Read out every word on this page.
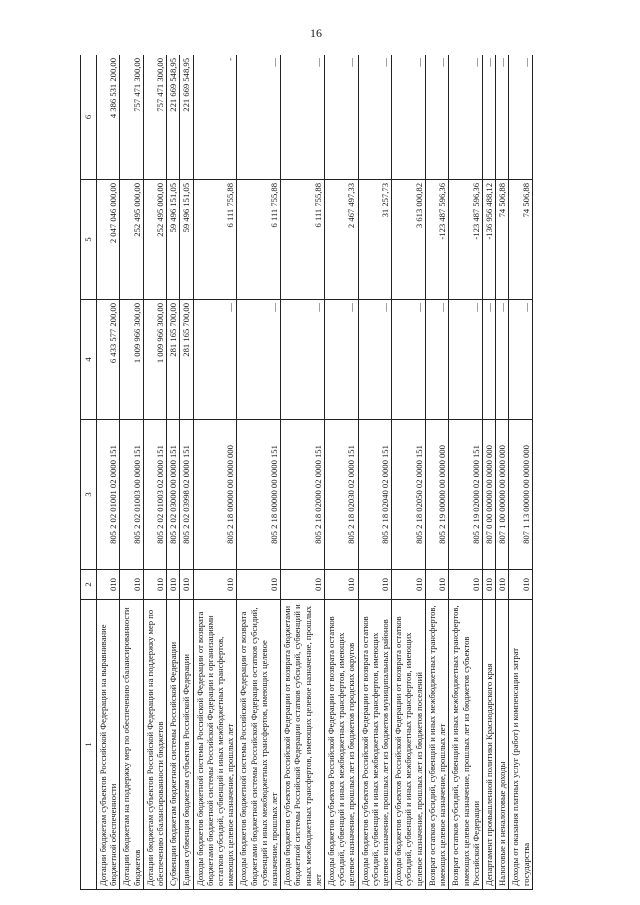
16
1	2	3	4	5	6
Дотации бюджетам субъектов Российской Федерации на выравнивание бюджетной обеспеченности	010	805 2 02 01001 02 0000 151	6 433 577 200,00	2 047 046 000,00	4 386 531 200,00
Дотации бюджетам на поддержку мер по обеспечению сбалансированности бюджетов	010	805 2 02 01003 00 0000 151	1 009 966 300,00	252 495 000,00	757 471 300,00
Дотации бюджетам субъектов Российской Федерации на поддержку мер по обеспечению сбалансированности бюджетов	010	805 2 02 01003 02 0000 151	1 009 966 300,00	252 495 000,00	757 471 300,00
Субвенции бюджетам бюджетной системы Российской Федерации	010	805 2 02 03000 00 0000 151	281 165 700,00	59 496 151,05	221 669 548,95
Единая субвенция бюджетам субъектов Российской Федерации	010	805 2 02 03998 02 0000 151	281 165 700,00	59 496 151,05	221 669 548,95
Доходы бюджетов бюджетной системы Российской Федерации от возврата бюджетами бюджетной системы Российской Федерации и организациями остатков субсидий, субвенций и иных межбюджетных трансфертов, имеющих целевое назначение, прошлых лет	010	805 2 18 00000 00 0000 000	—	6 111 755,88	-
Доходы бюджетов бюджетной системы Российской Федерации от возврата бюджетами бюджетной системы Российской Федерации остатков субсидий, субвенций и иных межбюджетных трансфертов, имеющих целевое назначение, прошлых лет	010	805 2 18 00000 00 0000 151	—	6 111 755,88	—
Доходы бюджетов субъектов Российской Федерации от возврата бюджетами бюджетной системы Российской Федерации остатков субсидий, субвенций и иных межбюджетных трансфертов, имеющих целевое назначение, прошлых лет	010	805 2 18 02000 02 0000 151	—	6 111 755,88	—
Доходы бюджетов субъектов Российской Федерации от возврата остатков субсидий, субвенций и иных межбюджетных трансфертов, имеющих целевое назначение, прошлых лет из бюджетов городских округов	010	805 2 18 02030 02 0000 151	—	2 467 497,33	—
Доходы бюджетов субъектов Российской Федерации от возврата остатков субсидий, субвенций и иных межбюджетных трансфертов, имеющих целевое назначение, прошлых лет из бюджетов муниципальных районов	010	805 2 18 02040 02 0000 151	—	31 257,73	—
Доходы бюджетов субъектов Российской Федерации от возврата остатков субсидий, субвенций и иных межбюджетных трансфертов, имеющих целевое назначение, прошлых лет из бюджетов поселений	010	805 2 18 02050 02 0000 151	—	3 613 000,82	—
Возврат остатков субсидий, субвенций и иных межбюджетных трансфертов, имеющих целевое назначение, прошлых лет	010	805 2 19 00000 00 0000 000	—	-123 487 596,36	—
Возврат остатков субсидий, субвенций и иных межбюджетных трансфертов, имеющих целевое назначение, прошлых лет из бюджетов субъектов Российской Федерации	010	805 2 19 02000 02 0000 151	—	-123 487 596,36	—
Департамент промышленной политики Краснодарского края	010	807 0 00 00000 00 0000 000	—	-136 956 488,12	—
Налоговые и неналоговые доходы	010	807 1 00 00000 00 0000 000	—	74 506,88	—
Доходы от оказания платных услуг (работ) и компенсации затрат государства	010	807 1 13 00000 00 0000 000	—	74 506,88	—
